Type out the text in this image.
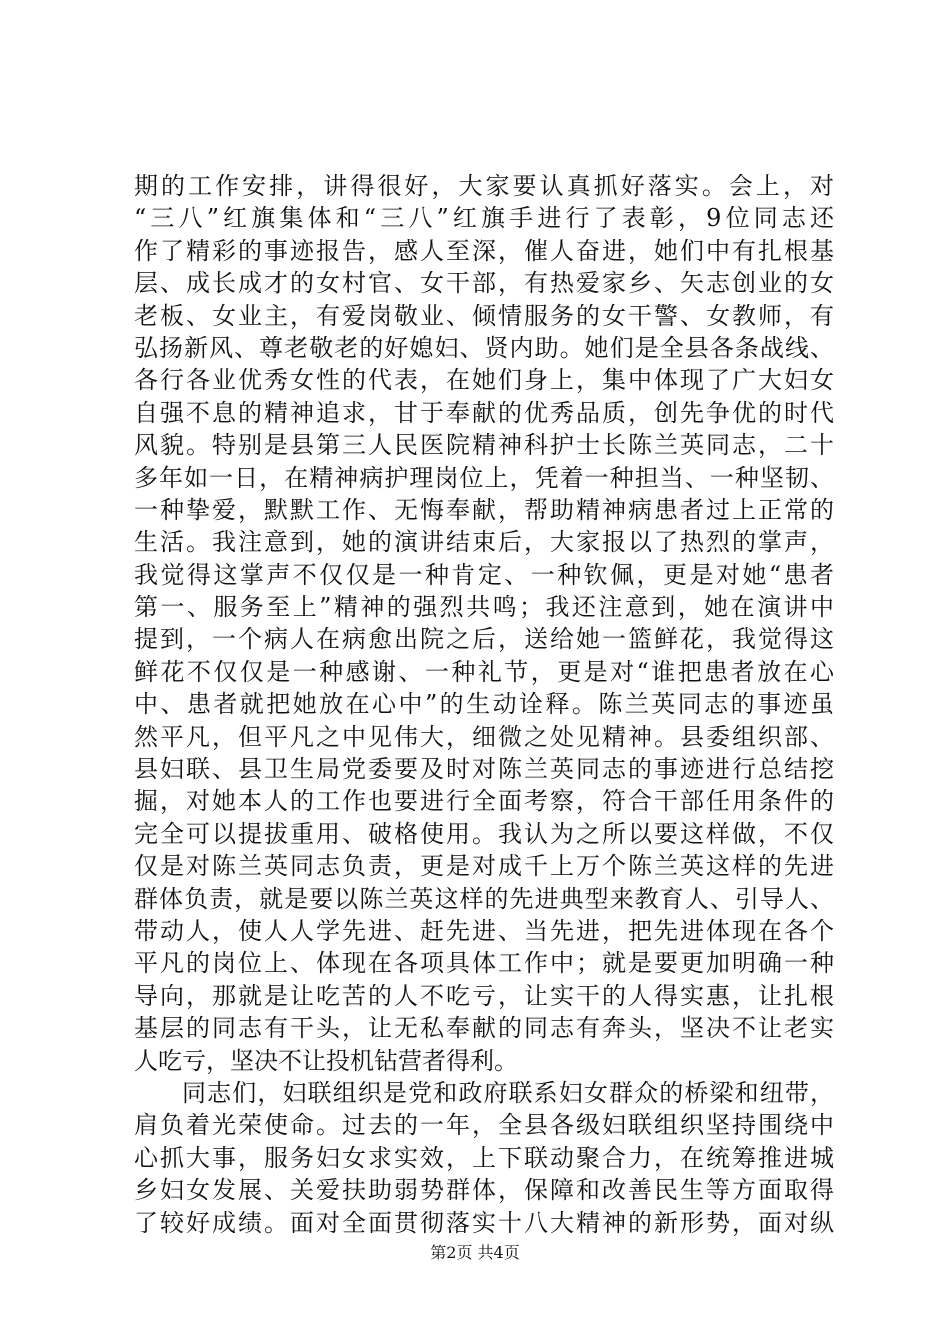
期的工作安排，讲得很好，大家要认真抓好落实。会上，对
“三八”红旗集体和“三八”红旗手进行了表彰，9位同志还
作了精彩的事迹报告，感人至深，催人奋进，她们中有扎根基
层、成长成才的女村官、女干部，有热爱家乡、矢志创业的女
老板、女业主，有爱岗敬业、倾情服务的女干警、女教师，有
弘扬新风、尊老敬老的好媳妇、贤内助。她们是全县各条战线、
各行各业优秀女性的代表，在她们身上，集中体现了广大妇女
自强不息的精神追求，甘于奉献的优秀品质，创先争优的时代
风貌。特别是县第三人民医院精神科护士长陈兰英同志，二十
多年如一日，在精神病护理岗位上，凭着一种担当、一种坚韧、
一种挚爱，默默工作、无悔奉献，帮助精神病患者过上正常的
生活。我注意到，她的演讲结束后，大家报以了热烈的掌声，
我觉得这掌声不仅仅是一种肯定、一种钦佩，更是对她“患者
第一、服务至上”精神的强烈共鸣；我还注意到，她在演讲中
提到，一个病人在病愈出院之后，送给她一篮鲜花，我觉得这
鲜花不仅仅是一种感谢、一种礼节，更是对“谁把患者放在心
中、患者就把她放在心中”的生动诠释。陈兰英同志的事迹虽
然平凡，但平凡之中见伟大，细微之处见精神。县委组织部、
县妇联、县卫生局党委要及时对陈兰英同志的事迹进行总结挖
掘，对她本人的工作也要进行全面考察，符合干部任用条件的
完全可以提拔重用、破格使用。我认为之所以要这样做，不仅
仅是对陈兰英同志负责，更是对成千上万个陈兰英这样的先进
群体负责，就是要以陈兰英这样的先进典型来教育人、引导人、
带动人，使人人学先进、赶先进、当先进，把先进体现在各个
平凡的岗位上、体现在各项具体工作中；就是要更加明确一种
导向，那就是让吃苦的人不吃亏，让实干的人得实惠，让扎根
基层的同志有干头，让无私奉献的同志有奔头，坚决不让老实
人吃亏，坚决不让投机钻营者得利。
同志们，妇联组织是党和政府联系妇女群众的桥梁和纽带，
肩负着光荣使命。过去的一年，全县各级妇联组织坚持围绕中
心抓大事，服务妇女求实效，上下联动聚合力，在统筹推进城
乡妇女发展、关爱扶助弱势群体，保障和改善民生等方面取得
了较好成绩。面对全面贯彻落实十八大精神的新形势，面对纵
第2页 共4页
